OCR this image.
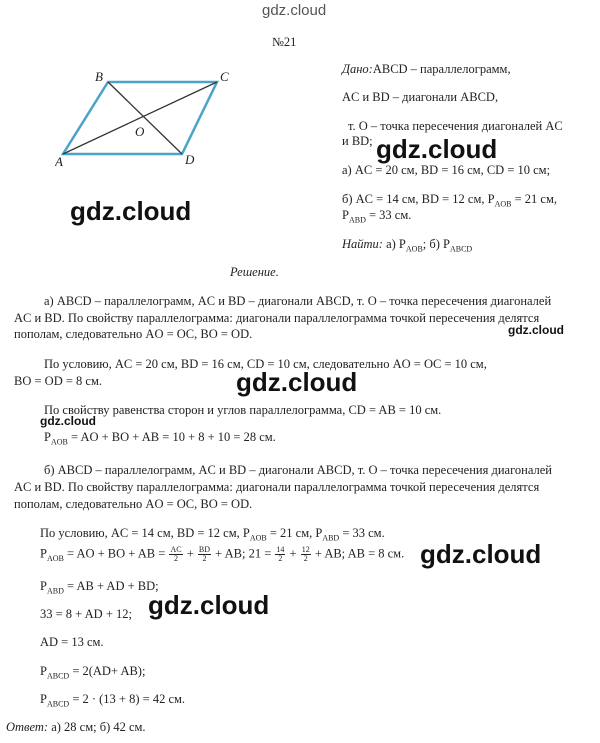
gdz.cloud
№21
B	C
A	D
O
Дано:ABCD – параллелограмм,
AC и BD – диагонали ABCD,
т. O – точка пересечения диагоналей AC
и BD;
а) AC = 20 см, BD = 16 см, CD = 10 см;
б) AC = 14 см, BD = 12 см, $P_{AOB} = 21$ см,
$P_{ABD} = 33$ см.
Найти: а) $P_{AOB}$; б) $P_{ABCD}$
Решение.
а) ABCD – параллелограмм, AC и BD – диагонали ABCD, т. O – точка пересечения диагоналей
AC и BD. По свойству параллелограмма: диагонали параллелограмма точкой пересечения делятся
пополам, следовательно AO = OC, BO = OD.
По условию, AC = 20 см, BD = 16 см, CD = 10 см, следовательно AO = OC = 10 см,
BO = OD = 8 см.
По свойству равенства сторон и углов параллелограмма, CD = AB = 10 см.
$P_{AOB}$ = AO + BO + AB = 10 + 8 + 10 = 28 см.
б) ABCD – параллелограмм, AC и BD – диагонали ABCD, т. O – точка пересечения диагоналей
AC и BD. По свойству параллелограмма: диагонали параллелограмма точкой пересечения делятся
пополам, следовательно AO = OC, BO = OD.
По условию, AC = 14 см, BD = 12 см, $P_{AOB} = 21$ см, $P_{ABD} = 33$ см.
$P_{AOB}$ = AO + BO + AB = $\frac{AC}{2} + \frac{BD}{2}$ + AB; $21 = \frac{14}{2} + \frac{12}{2}$ + AB; AB = 8 см.
$P_{ABD}$ = AB + AD + BD;
33 = 8 + AD + 12;
AD = 13 см.
$P_{ABCD} = 2(AD+ AB)$;
$P_{ABCD} = 2 \cdot (13 + 8) = 42$ см.
Ответ: а) 28 см; б) 42 см.
gdz.cloud
gdz.cloud
gdz.cloud
gdz.cloud
gdz.cloud
gdz.cloud
gdz.cloud
